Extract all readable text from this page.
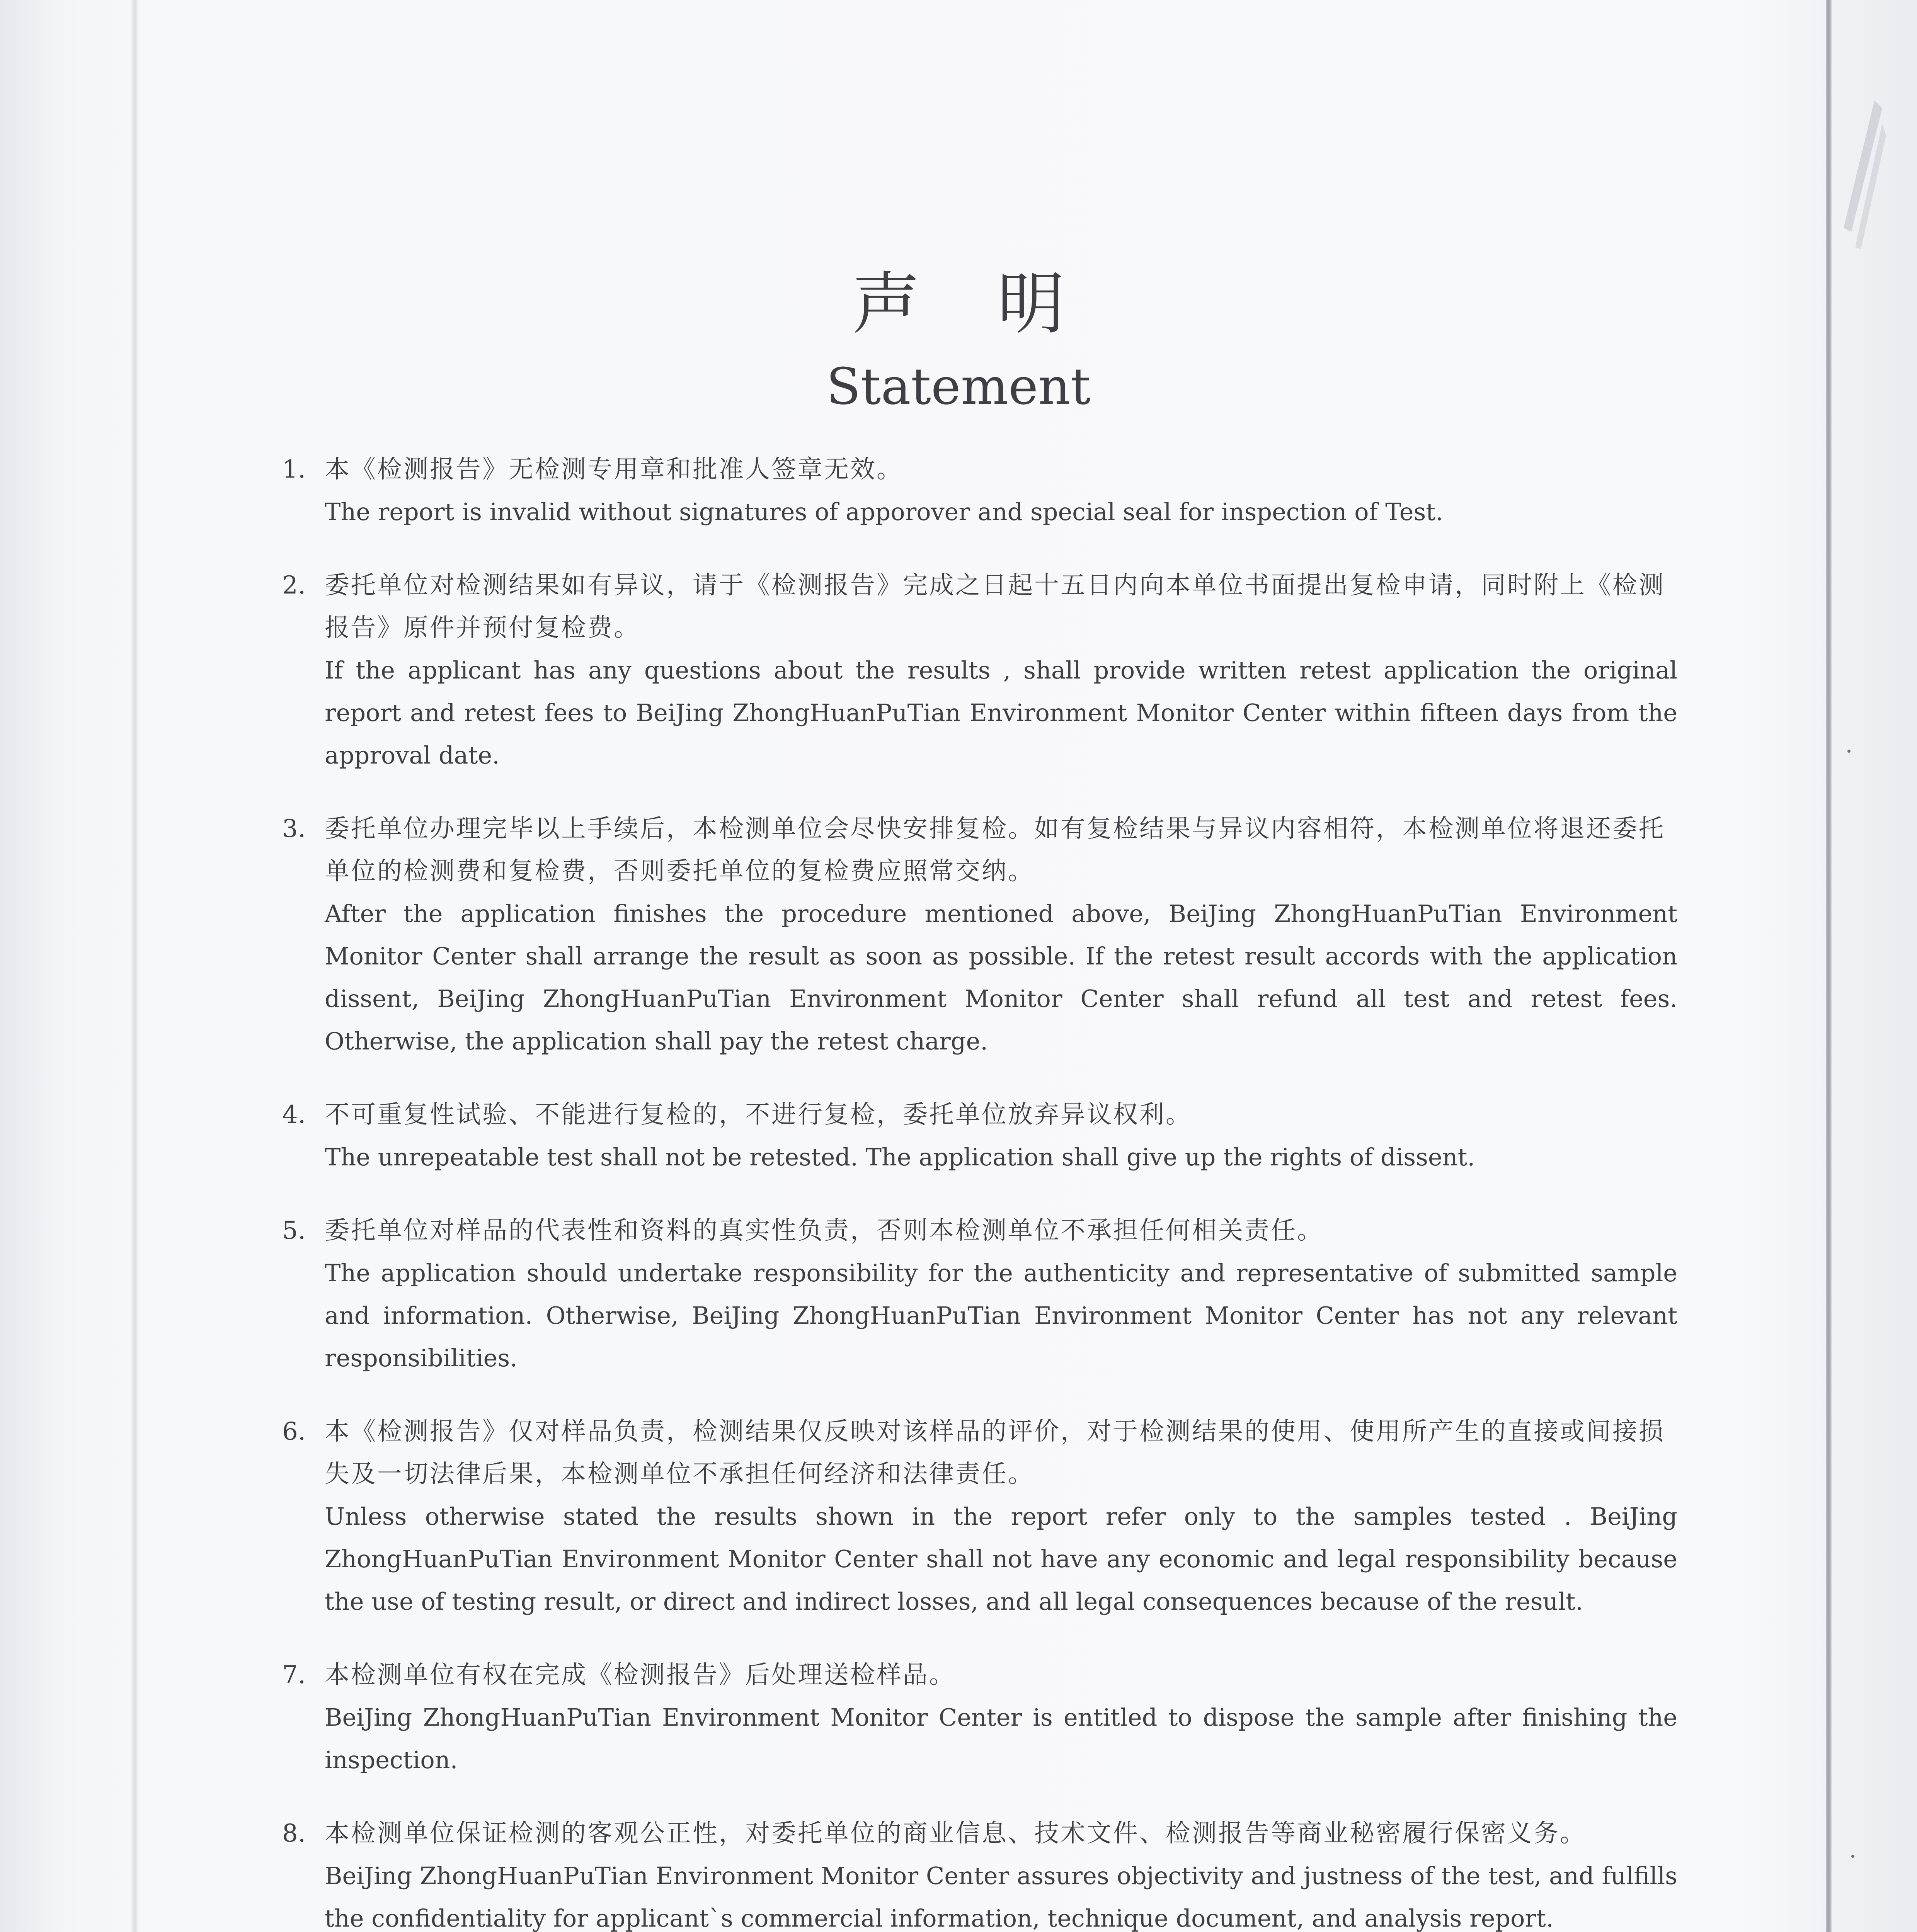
声明
Statement
1. 本《检测报告》无检测专用章和批准人签章无效。

The report is invalid without signatures of apporover and special seal for inspection of Test.

2. 委托单位对检测结果如有异议，请于《检测报告》完成之日起十五日内向本单位书面提出复检申请，同时附上《检测报告》原件并预付复检费。

If the applicant has any questions about the results , shall provide written retest application the original report and retest fees to BeiJing ZhongHuanPuTian Environment Monitor Center within fifteen days from the approval date.

3. 委托单位办理完毕以上手续后，本检测单位会尽快安排复检。如有复检结果与异议内容相符，本检测单位将退还委托单位的检测费和复检费，否则委托单位的复检费应照常交纳。

After the application finishes the procedure mentioned above, BeiJing ZhongHuanPuTian Environment Monitor Center shall arrange the result as soon as possible. If the retest result accords with the application dissent, BeiJing ZhongHuanPuTian Environment Monitor Center shall refund all test and retest fees. Otherwise, the application shall pay the retest charge.

4. 不可重复性试验、不能进行复检的，不进行复检，委托单位放弃异议权利。

The unrepeatable test shall not be retested. The application shall give up the rights of dissent.

5. 委托单位对样品的代表性和资料的真实性负责，否则本检测单位不承担任何相关责任。

The application should undertake responsibility for the authenticity and representative of submitted sample and information. Otherwise, BeiJing ZhongHuanPuTian Environment Monitor Center has not any relevant responsibilities.

6. 本《检测报告》仅对样品负责，检测结果仅反映对该样品的评价，对于检测结果的使用、使用所产生的直接或间接损失及一切法律后果，本检测单位不承担任何经济和法律责任。

Unless otherwise stated the results shown in the report refer only to the samples tested . BeiJing ZhongHuanPuTian Environment Monitor Center shall not have any economic and legal responsibility because the use of testing result, or direct and indirect losses, and all legal consequences because of the result.

7. 本检测单位有权在完成《检测报告》后处理送检样品。

BeiJing ZhongHuanPuTian Environment Monitor Center is entitled to dispose the sample after finishing the inspection.

8. 本检测单位保证检测的客观公正性，对委托单位的商业信息、技术文件、检测报告等商业秘密履行保密义务。

BeiJing ZhongHuanPuTian Environment Monitor Center assures objectivity and justness of the test, and fulfills the confidentiality for applicant`s commercial information, technique document, and analysis report.
